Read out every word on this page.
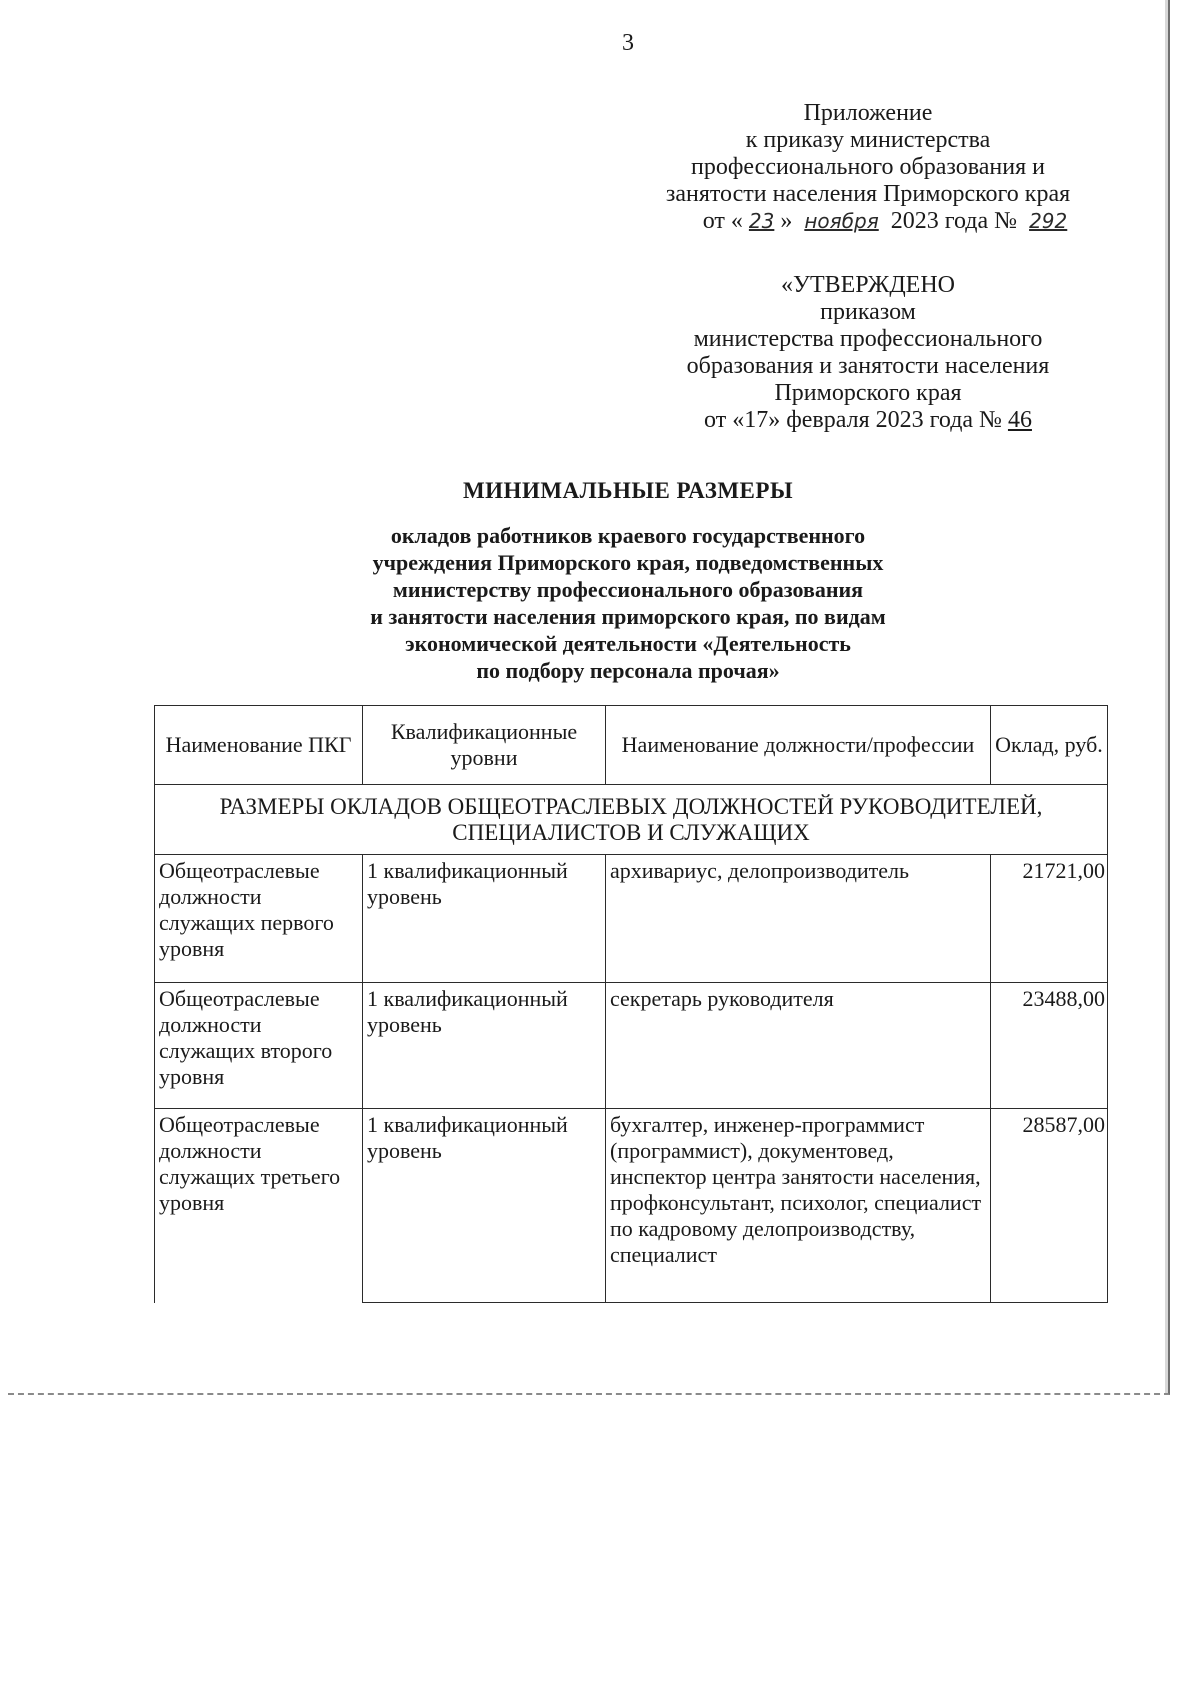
3
Приложение
к приказу министерства
профессионального образования и
занятости населения Приморского края
от « 23 » ноября 2023 года № 292
«УТВЕРЖДЕНО
приказом
министерства профессионального
образования и занятости населения
Приморского края
от «17» февраля 2023 года № 46
МИНИМАЛЬНЫЕ РАЗМЕРЫ
окладов работников краевого государственного
учреждения Приморского края, подведомственных
министерству профессионального образования
и занятости населения приморского края, по видам
экономической деятельности «Деятельность
по подбору персонала прочая»
Наименование ПКГ	Квалификационные уровни	Наименование должности/профессии	Оклад, руб.
РАЗМЕРЫ ОКЛАДОВ ОБЩЕОТРАСЛЕВЫХ ДОЛЖНОСТЕЙ РУКОВОДИТЕЛЕЙ, СПЕЦИАЛИСТОВ И СЛУЖАЩИХ			
Общеотраслевые должности служащих первого уровня	1 квалификационный уровень	архивариус, делопроизводитель	21721,00
Общеотраслевые должности служащих второго уровня	1 квалификационный уровень	секретарь руководителя	23488,00
Общеотраслевые должности служащих третьего уровня	1 квалификационный уровень	бухгалтер, инженер-программист (программист), документовед, инспектор центра занятости населения, профконсультант, психолог, специалист по кадровому делопроизводству, специалист	28587,00
